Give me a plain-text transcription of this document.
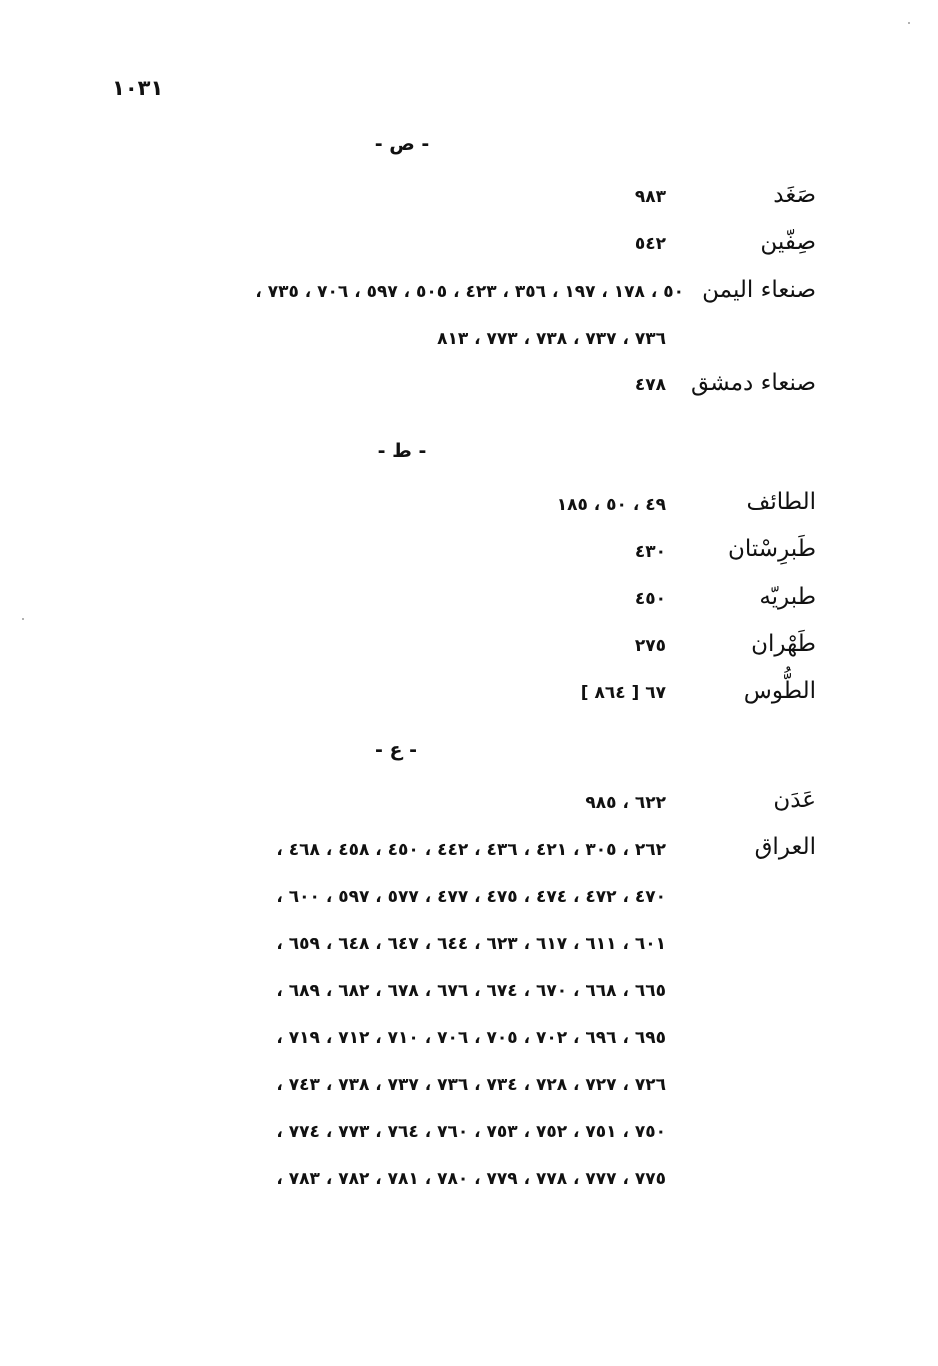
١٠٣١
- ص -
صَغَد
٩٨٣
صِفّين
٥٤٢
صنعاء اليمن
٥٠ ، ١٧٨ ، ١٩٧ ، ٣٥٦ ، ٤٢٣ ، ٥٠٥ ، ٥٩٧ ، ٧٠٦ ، ٧٣٥ ،
٧٣٦ ، ٧٣٧ ، ٧٣٨ ، ٧٧٣ ، ٨١٣
صنعاء دمشق
٤٧٨
- ط -
الطائف
٤٩ ، ٥٠ ، ١٨٥
طَبرِسْتان
٤٣٠
طبريّه
٤٥٠
طَهْران
٢٧٥
الطُّوس
٦٧ [ ٨٦٤ ]
- ع -
عَدَن
٦٢٢ ، ٩٨٥
العراق
٢٦٢ ، ٣٠٥ ، ٤٢١ ، ٤٣٦ ، ٤٤٢ ، ٤٥٠ ، ٤٥٨ ، ٤٦٨ ،
٤٧٠ ، ٤٧٢ ، ٤٧٤ ، ٤٧٥ ، ٤٧٧ ، ٥٧٧ ، ٥٩٧ ، ٦٠٠ ،
٦٠١ ، ٦١١ ، ٦١٧ ، ٦٢٣ ، ٦٤٤ ، ٦٤٧ ، ٦٤٨ ، ٦٥٩ ،
٦٦٥ ، ٦٦٨ ، ٦٧٠ ، ٦٧٤ ، ٦٧٦ ، ٦٧٨ ، ٦٨٢ ، ٦٨٩ ،
٦٩٥ ، ٦٩٦ ، ٧٠٢ ، ٧٠٥ ، ٧٠٦ ، ٧١٠ ، ٧١٢ ، ٧١٩ ،
٧٢٦ ، ٧٢٧ ، ٧٢٨ ، ٧٣٤ ، ٧٣٦ ، ٧٣٧ ، ٧٣٨ ، ٧٤٣ ،
٧٥٠ ، ٧٥١ ، ٧٥٢ ، ٧٥٣ ، ٧٦٠ ، ٧٦٤ ، ٧٧٣ ، ٧٧٤ ،
٧٧٥ ، ٧٧٧ ، ٧٧٨ ، ٧٧٩ ، ٧٨٠ ، ٧٨١ ، ٧٨٢ ، ٧٨٣ ،
